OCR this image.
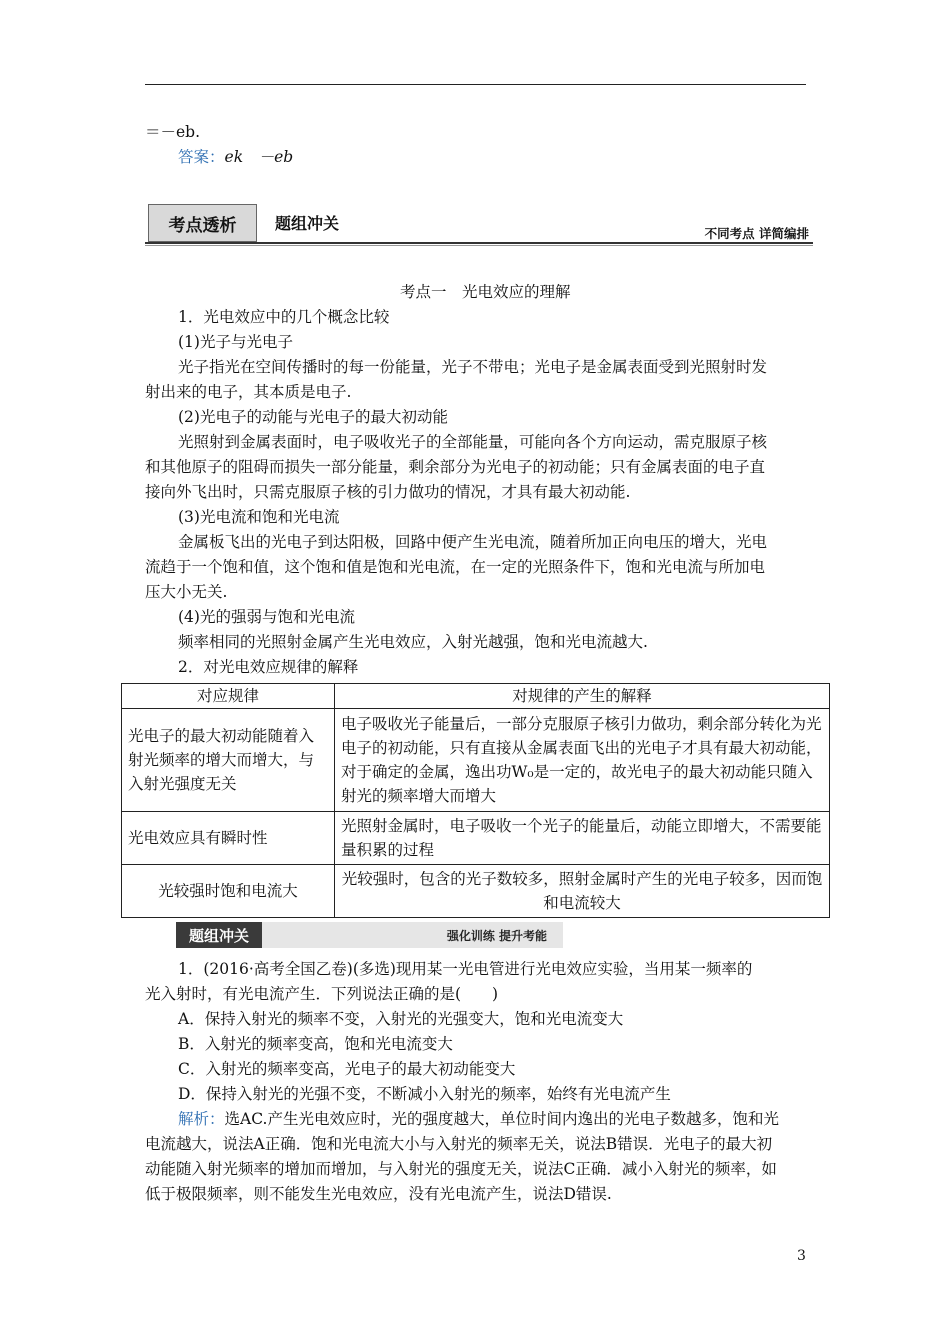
＝－eb.
答案：ek　－eb
考点透析	题组冲关
不同考点 详简编排
考点一　光电效应的理解
1．光电效应中的几个概念比较
(1)光子与光电子
光子指光在空间传播时的每一份能量，光子不带电；光电子是金属表面受到光照射时发
射出来的电子，其本质是电子.
(2)光电子的动能与光电子的最大初动能
光照射到金属表面时，电子吸收光子的全部能量，可能向各个方向运动，需克服原子核
和其他原子的阻碍而损失一部分能量，剩余部分为光电子的初动能；只有金属表面的电子直
接向外飞出时，只需克服原子核的引力做功的情况，才具有最大初动能.
(3)光电流和饱和光电流
金属板飞出的光电子到达阳极，回路中便产生光电流，随着所加正向电压的增大，光电
流趋于一个饱和值，这个饱和值是饱和光电流，在一定的光照条件下，饱和光电流与所加电
压大小无关.
(4)光的强弱与饱和光电流
频率相同的光照射金属产生光电效应，入射光越强，饱和光电流越大.
2．对光电效应规律的解释
对应规律	对规律的产生的解释
光电子的最大初动能随着入射光频率的增大而增大，与入射光强度无关	电子吸收光子能量后，一部分克服原子核引力做功，剩余部分转化为光电子的初动能，只有直接从金属表面飞出的光电子才具有最大初动能，对于确定的金属，逸出功W₀是一定的，故光电子的最大初动能只随入射光的频率增大而增大
光电效应具有瞬时性	光照射金属时，电子吸收一个光子的能量后，动能立即增大，不需要能量积累的过程
光较强时饱和电流大	光较强时，包含的光子数较多，照射金属时产生的光电子较多，因而饱和电流较大
题组冲关	强化训练 提升考能
1．(2016·高考全国乙卷)(多选)现用某一光电管进行光电效应实验，当用某一频率的
光入射时，有光电流产生．下列说法正确的是(　　)
A．保持入射光的频率不变，入射光的光强变大，饱和光电流变大
B．入射光的频率变高，饱和光电流变大
C．入射光的频率变高，光电子的最大初动能变大
D．保持入射光的光强不变，不断减小入射光的频率，始终有光电流产生
解析：选AC.产生光电效应时，光的强度越大，单位时间内逸出的光电子数越多，饱和光
电流越大，说法A正确．饱和光电流大小与入射光的频率无关，说法B错误．光电子的最大初
动能随入射光频率的增加而增加，与入射光的强度无关，说法C正确．减小入射光的频率，如
低于极限频率，则不能发生光电效应，没有光电流产生，说法D错误.
3
